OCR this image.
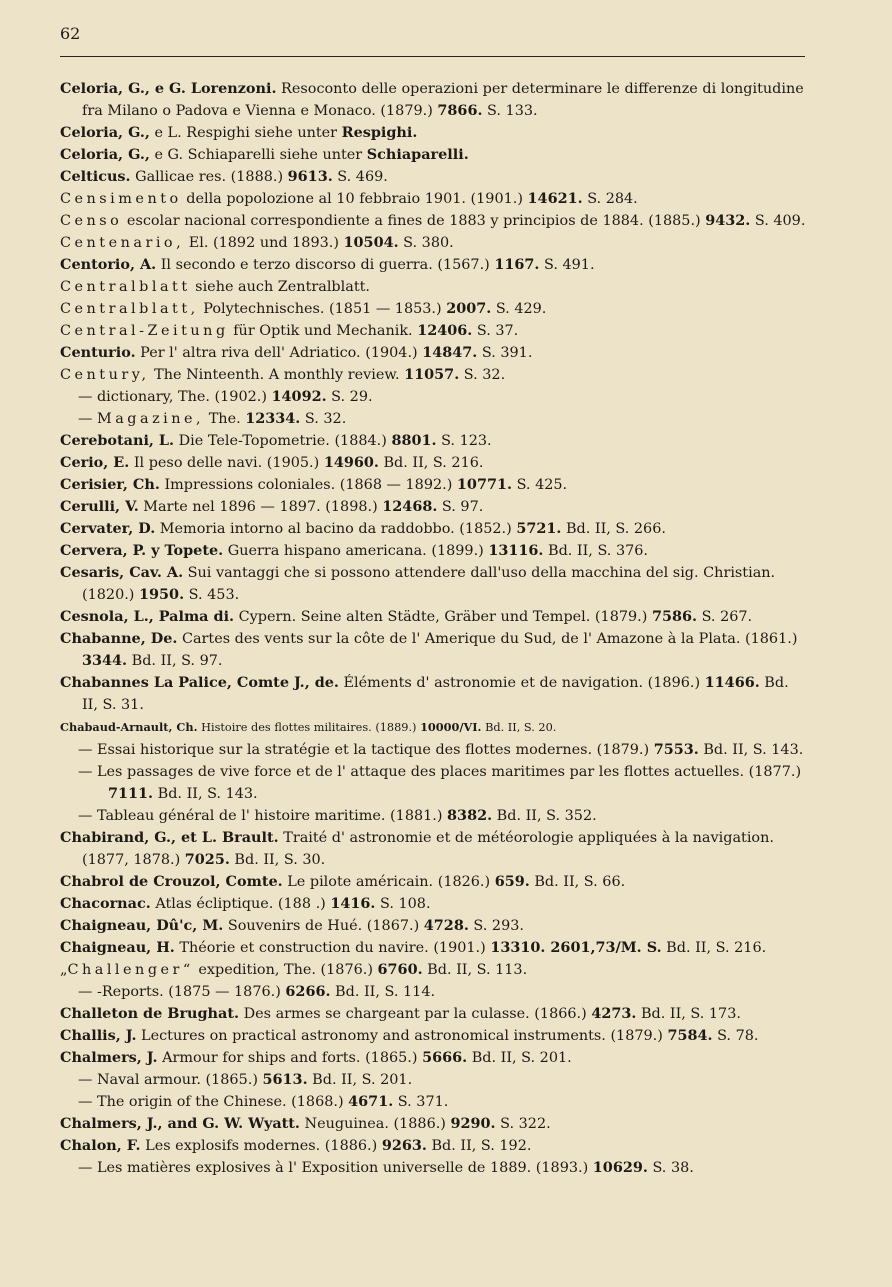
62

Celoria, G., e G. Lorenzoni. Resoconto delle operazioni per determinare le differenze di longitudine fra Milano o Padova e Vienna e Monaco. (1879.) 7866. S. 133.

Celoria, G., e L. Respighi siehe unter Respighi.

Celoria, G., e G. Schiaparelli siehe unter Schiaparelli.

Celticus. Gallicae res. (1888.) 9613. S. 469.

Censimento della popolozione al 10 febbraio 1901. (1901.) 14621. S. 284.

Censo escolar nacional correspondiente a fines de 1883 y principios de 1884. (1885.) 9432. S. 409.

Centenario, El. (1892 und 1893.) 10504. S. 380.

Centorio, A. Il secondo e terzo discorso di guerra. (1567.) 1167. S. 491.

Centralblatt siehe auch Zentralblatt.

Centralblatt, Polytechnisches. (1851 — 1853.) 2007. S. 429.

Central-Zeitung für Optik und Mechanik. 12406. S. 37.

Centurio. Per l' altra riva dell' Adriatico. (1904.) 14847. S. 391.

Century, The Ninteenth. A monthly review. 11057. S. 32.

— dictionary, The. (1902.) 14092. S. 29.

— Magazine, The. 12334. S. 32.

Cerebotani, L. Die Tele-Topometrie. (1884.) 8801. S. 123.

Cerio, E. Il peso delle navi. (1905.) 14960. Bd. II, S. 216.

Cerisier, Ch. Impressions coloniales. (1868 — 1892.) 10771. S. 425.

Cerulli, V. Marte nel 1896 — 1897. (1898.) 12468. S. 97.

Cervater, D. Memoria intorno al bacino da raddobbo. (1852.) 5721. Bd. II, S. 266.

Cervera, P. y Topete. Guerra hispano americana. (1899.) 13116. Bd. II, S. 376.

Cesaris, Cav. A. Sui vantaggi che si possono attendere dall'uso della macchina del sig. Christian. (1820.) 1950. S. 453.

Cesnola, L., Palma di. Cypern. Seine alten Städte, Gräber und Tempel. (1879.) 7586. S. 267.

Chabanne, De. Cartes des vents sur la côte de l' Amerique du Sud, de l' Amazone à la Plata. (1861.) 3344. Bd. II, S. 97.

Chabannes La Palice, Comte J., de. Éléments d' astronomie et de navigation. (1896.) 11466. Bd. II, S. 31.

Chabaud-Arnault, Ch. Histoire des flottes militaires. (1889.) 10000/VI. Bd. II, S. 20.

— Essai historique sur la stratégie et la tactique des flottes modernes. (1879.) 7553. Bd. II, S. 143.

— Les passages de vive force et de l' attaque des places maritimes par les flottes actuelles. (1877.) 7111. Bd. II, S. 143.

— Tableau général de l' histoire maritime. (1881.) 8382. Bd. II, S. 352.

Chabirand, G., et L. Brault. Traité d' astronomie et de météorologie appliquées à la navigation. (1877, 1878.) 7025. Bd. II, S. 30.

Chabrol de Crouzol, Comte. Le pilote américain. (1826.) 659. Bd. II, S. 66.

Chacornac. Atlas écliptique. (188 .) 1416. S. 108.

Chaigneau, Dû'c, M. Souvenirs de Hué. (1867.) 4728. S. 293.

Chaigneau, H. Théorie et construction du navire. (1901.) 13310. 2601,73/M. S. Bd. II, S. 216.

„Challenger“ expedition, The. (1876.) 6760. Bd. II, S. 113.

— -Reports. (1875 — 1876.) 6266. Bd. II, S. 114.

Challeton de Brughat. Des armes se chargeant par la culasse. (1866.) 4273. Bd. II, S. 173.

Challis, J. Lectures on practical astronomy and astronomical instruments. (1879.) 7584. S. 78.

Chalmers, J. Armour for ships and forts. (1865.) 5666. Bd. II, S. 201.

— Naval armour. (1865.) 5613. Bd. II, S. 201.

— The origin of the Chinese. (1868.) 4671. S. 371.

Chalmers, J., and G. W. Wyatt. Neuguinea. (1886.) 9290. S. 322.

Chalon, F. Les explosifs modernes. (1886.) 9263. Bd. II, S. 192.

— Les matières explosives à l' Exposition universelle de 1889. (1893.) 10629. S. 38.
